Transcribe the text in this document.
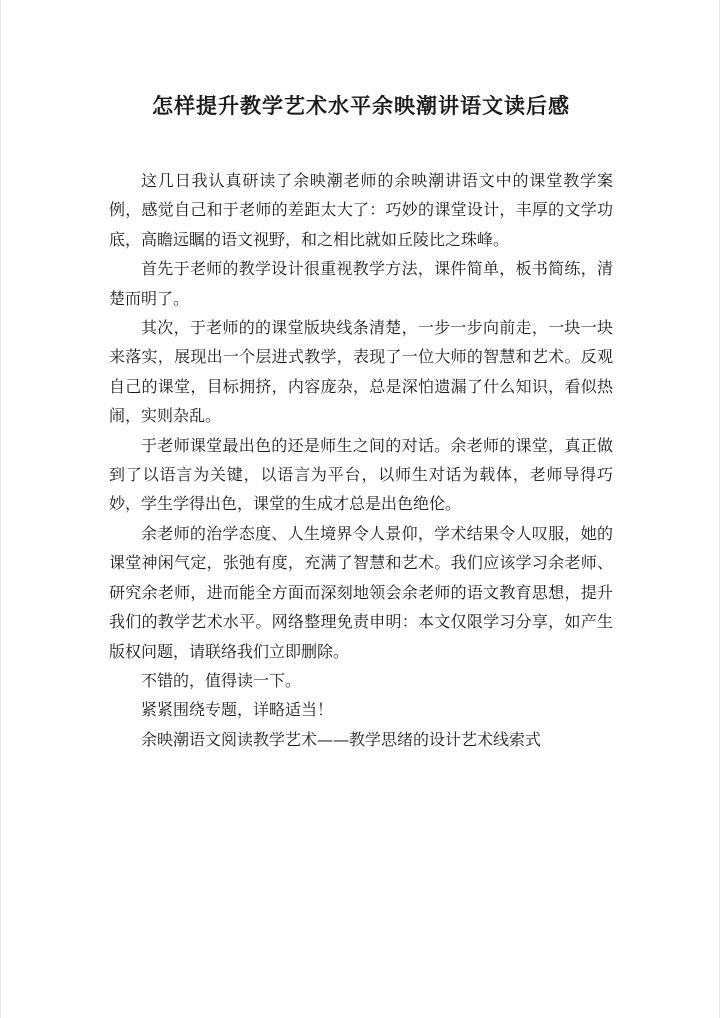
怎样提升教学艺术水平余映潮讲语文读后感

这几日我认真研读了余映潮老师的余映潮讲语文中的课堂教学案例，感觉自己和于老师的差距太大了：巧妙的课堂设计，丰厚的文学功底，高瞻远瞩的语文视野，和之相比就如丘陵比之珠峰。

首先于老师的教学设计很重视教学方法，课件简单，板书简练，清楚而明了。

其次，于老师的的课堂版块线条清楚，一步一步向前走，一块一块来落实，展现出一个层进式教学，表现了一位大师的智慧和艺术。反观自己的课堂，目标拥挤，内容庞杂，总是深怕遗漏了什么知识，看似热闹，实则杂乱。

于老师课堂最出色的还是师生之间的对话。余老师的课堂，真正做到了以语言为关键，以语言为平台，以师生对话为载体，老师导得巧妙，学生学得出色，课堂的生成才总是出色绝伦。

余老师的治学态度、人生境界令人景仰，学术结果令人叹服，她的课堂神闲气定，张弛有度，充满了智慧和艺术。我们应该学习余老师、研究余老师，进而能全方面而深刻地领会余老师的语文教育思想，提升我们的教学艺术水平。网络整理免责申明：本文仅限学习分享，如产生版权问题，请联络我们立即删除。

不错的，值得读一下。

紧紧围绕专题，详略适当！

余映潮语文阅读教学艺术——教学思绪的设计艺术线索式
